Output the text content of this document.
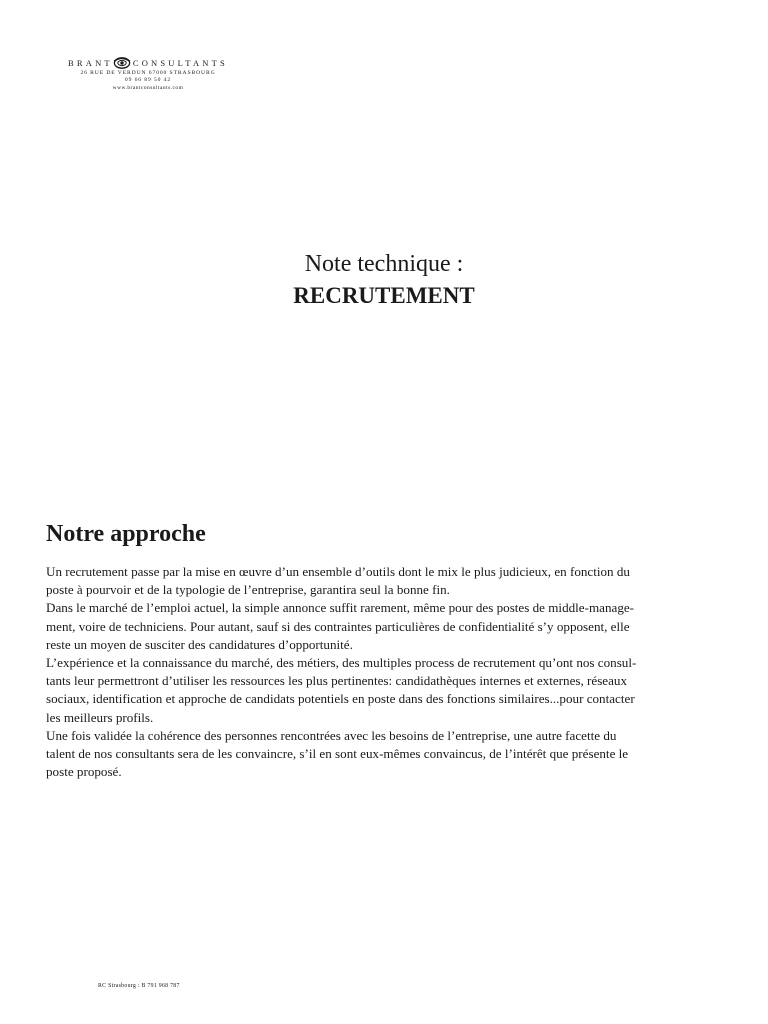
BRANT CONSULTANTS
26 RUE DE VERDUN 67000 STRASBOURG
09 66 89 50 42
www.brantconsultants.com
Note technique :
RECRUTEMENT
Notre approche

Un recrutement passe par la mise en œuvre d’un ensemble d’outils dont le mix le plus judicieux, en fonction du
poste à pourvoir et de la typologie de l’entreprise, garantira seul la bonne fin.
Dans le marché de l’emploi actuel, la simple annonce suffit rarement, même pour des postes de middle-manage-
ment, voire de techniciens. Pour autant, sauf si des contraintes particulières de confidentialité s’y opposent, elle
reste un moyen de susciter des candidatures d’opportunité.
L’expérience et la connaissance du marché, des métiers, des multiples process de recrutement qu’ont nos consul-
tants leur permettront d’utiliser les ressources les plus pertinentes: candidathèques internes et externes, réseaux
sociaux, identification et approche de candidats potentiels en poste dans des fonctions similaires...pour contacter
les meilleurs profils.
Une fois validée la cohérence des personnes rencontrées avec les besoins de l’entreprise, une autre facette du
talent de nos consultants sera de les convaincre, s’il en sont eux-mêmes convaincus, de l’intérêt que présente le
poste proposé.

RC Strasbourg : B 791 968 787
